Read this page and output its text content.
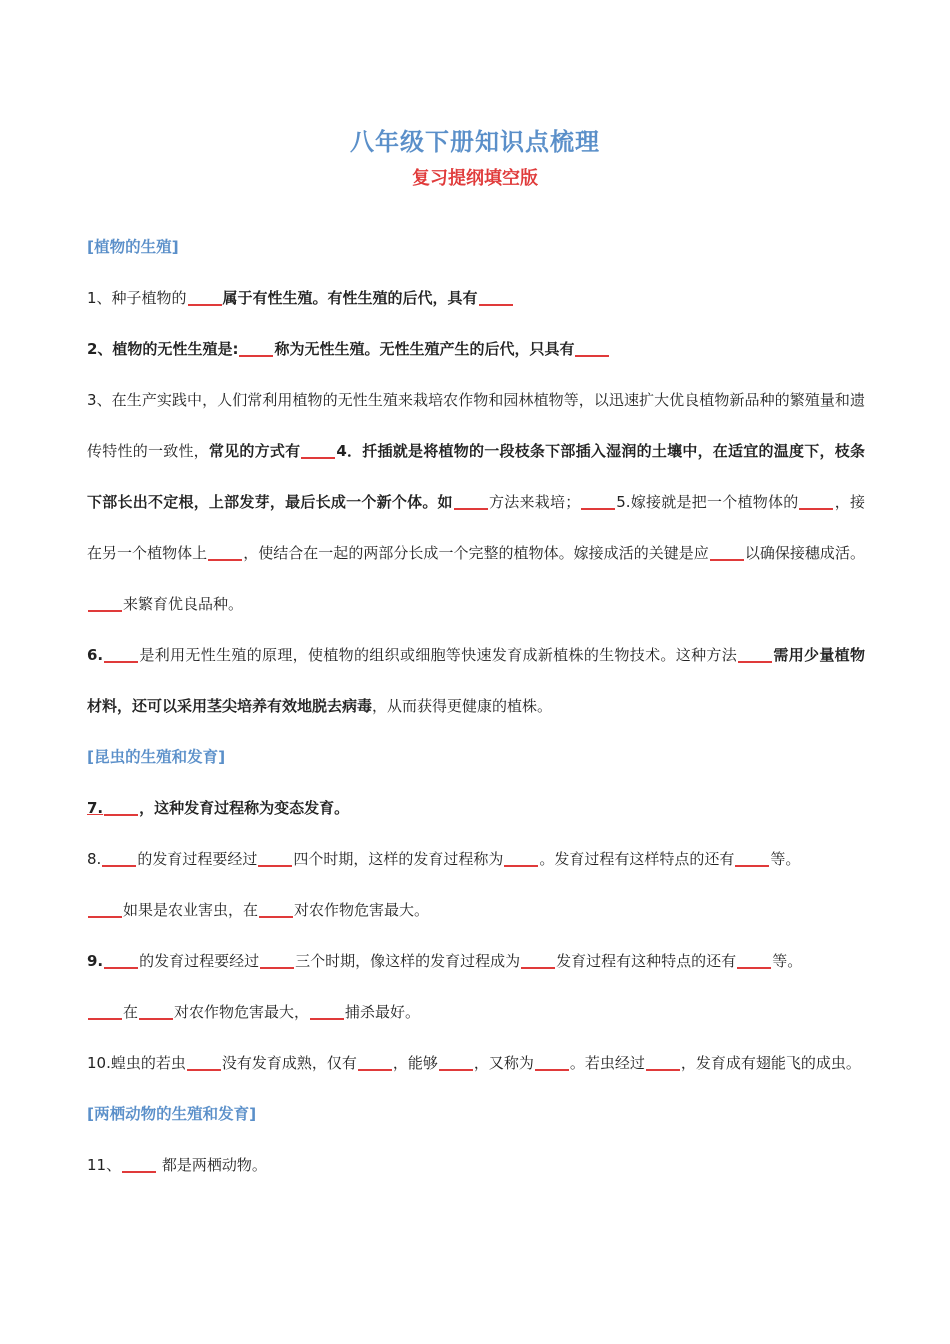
八年级下册知识点梳理
复习提纲填空版
[植物的生殖]

1、种子植物的 属于有性生殖。有性生殖的后代，具有

2、植物的无性生殖是: 称为无性生殖。无性生殖产生的后代，只具有

3、在生产实践中，人们常利用植物的无性生殖来栽培农作物和园林植物等，以迅速扩大优良植物新品种的繁殖量和遗传特性的一致性，常见的方式有 4．扦插就是将植物的一段枝条下部插入湿润的土壤中，在适宜的温度下，枝条下部长出不定根，上部发芽，最后长成一个新个体。如 方法来栽培； 5.嫁接就是把一个植物体的 ，接在另一个植物体上 ，使结合在一起的两部分长成一个完整的植物体。嫁接成活的关键是应 以确保接穗成活。来繁育优良品种。

6. 是利用无性生殖的原理，使植物的组织或细胞等快速发育成新植株的生物技术。这种方法 需用少量植物材料，还可以采用茎尖培养有效地脱去病毒，从而获得更健康的植株。

[昆虫的生殖和发育]

7. ，这种发育过程称为变态发育。

8. 的发育过程要经过 四个时期，这样的发育过程称为 。发育过程有这样特点的还有 等。
如果是农业害虫，在 对农作物危害最大。

9. 的发育过程要经过 三个时期，像这样的发育过程成为 发育过程有这种特点的还有 等。
在 对农作物危害最大， 捕杀最好。

10.蝗虫的若虫 没有发育成熟，仅有 ，能够 ，又称为 。若虫经过 ，发育成有翅能飞的成虫。

[两栖动物的生殖和发育]

11、 都是两栖动物。
